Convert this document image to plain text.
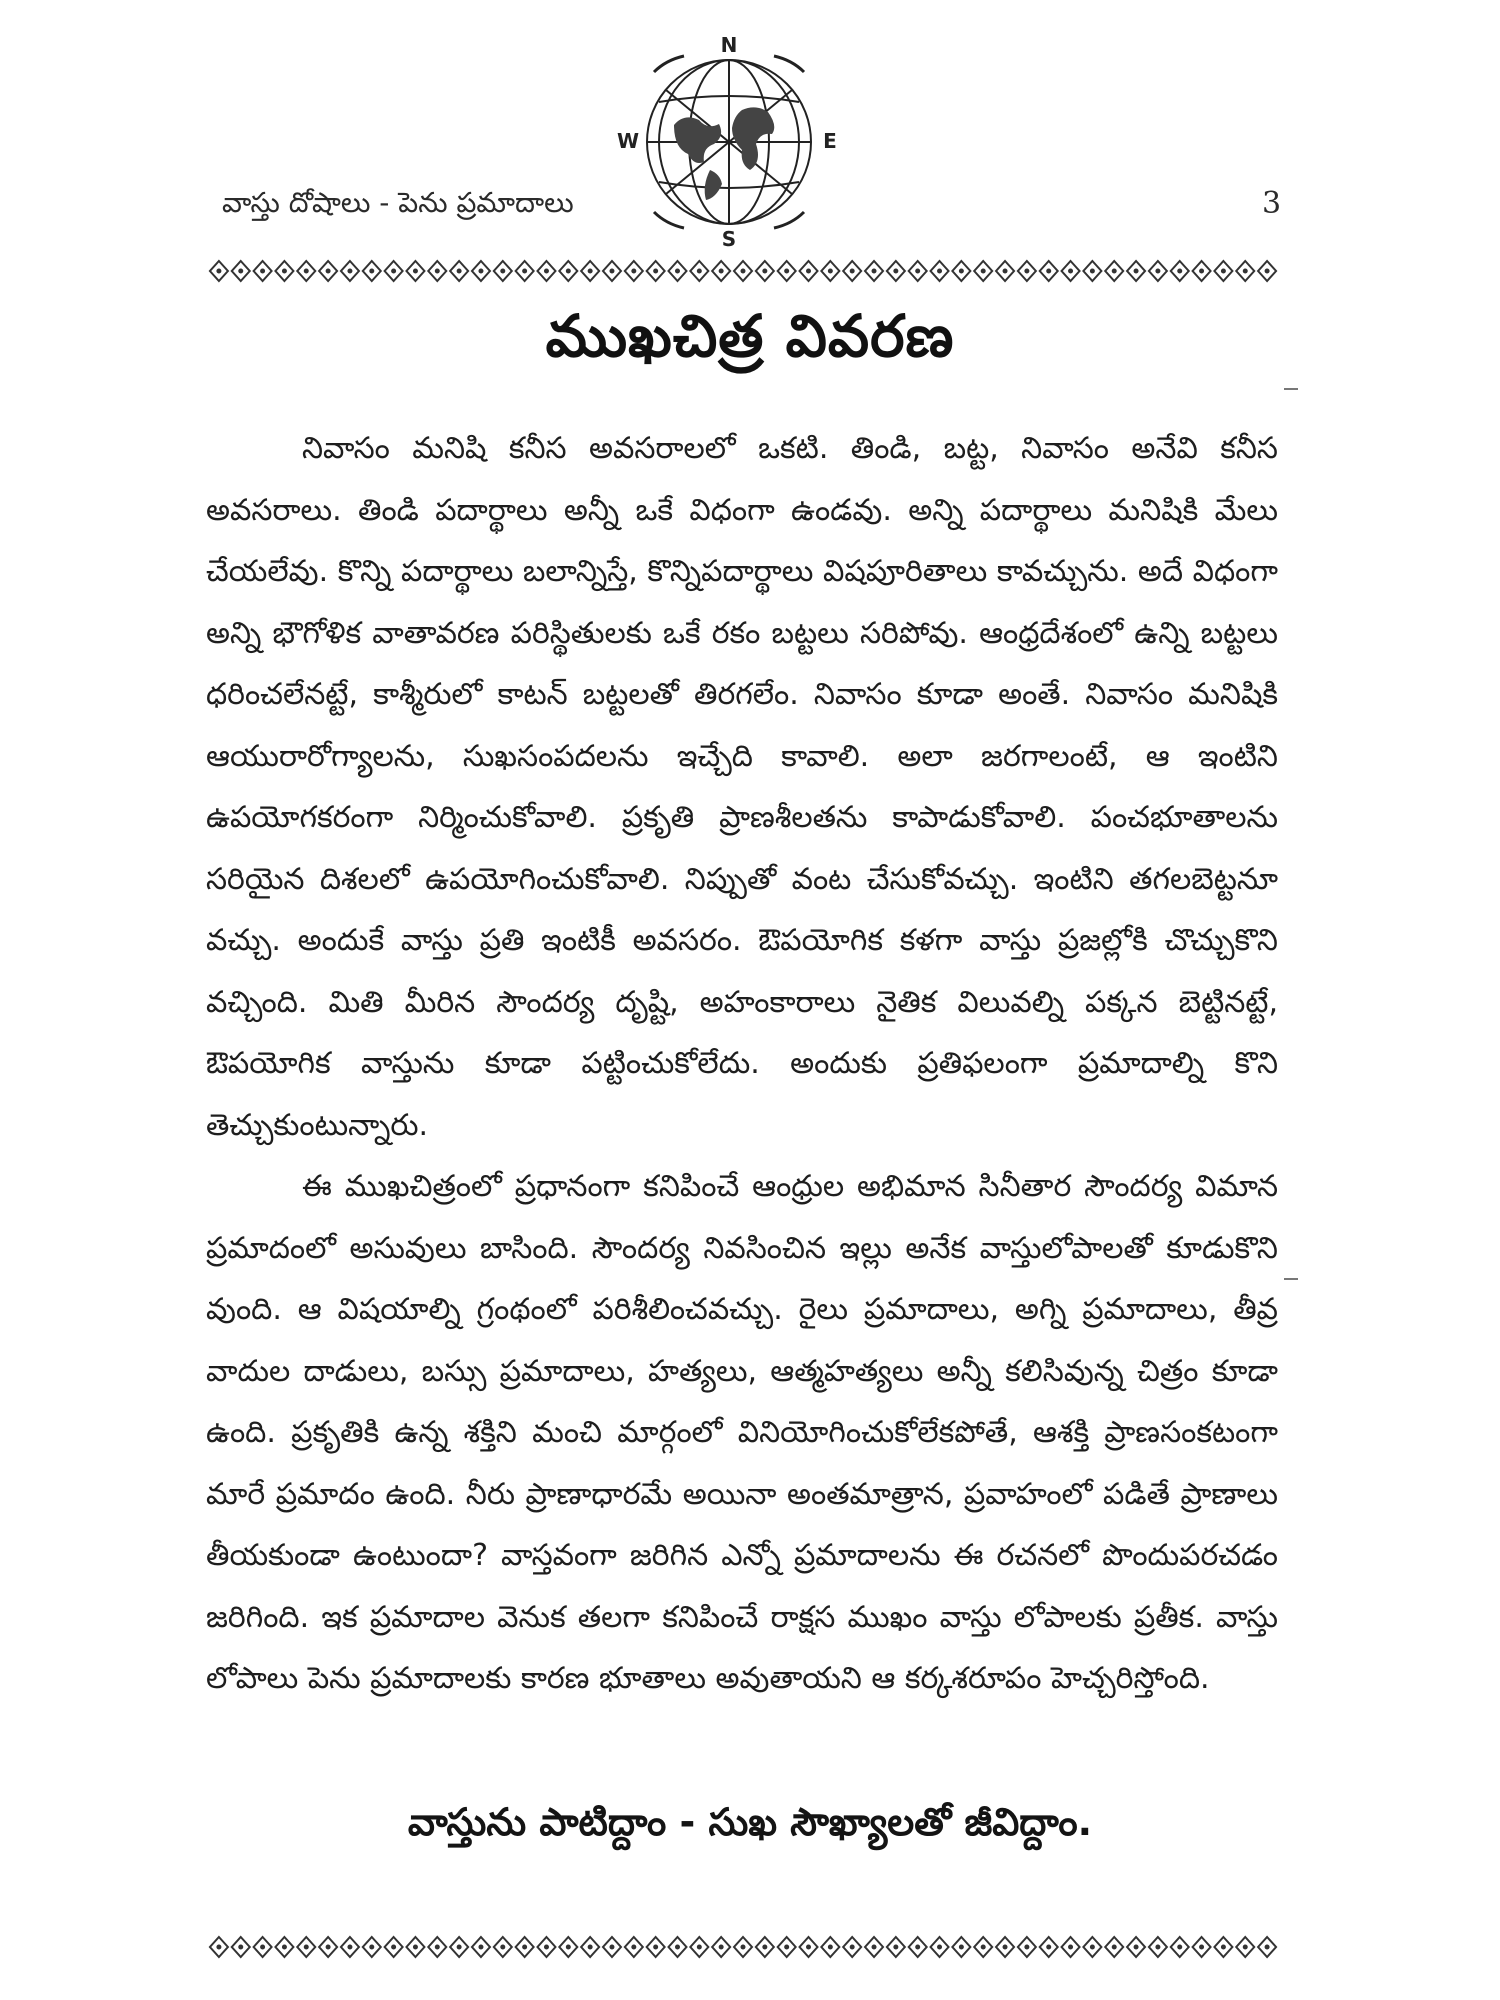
N
S
W	E
వాస్తు దోషాలు - పెను ప్రమాదాలు	3
ముఖచిత్ర వివరణ

నివాసం మనిషి కనీస అవసరాలలో ఒకటి. తిండి, బట్ట, నివాసం అనేవి కనీస అవసరాలు. తిండి పదార్థాలు అన్నీ ఒకే విధంగా ఉండవు. అన్ని పదార్థాలు మనిషికి మేలు చేయలేవు. కొన్ని పదార్థాలు బలాన్నిస్తే, కొన్నిపదార్థాలు విషపూరితాలు కావచ్చును. అదే విధంగా అన్ని భౌగోళిక వాతావరణ పరిస్థితులకు ఒకే రకం బట్టలు సరిపోవు. ఆంధ్రదేశంలో ఉన్ని బట్టలు ధరించలేనట్టే, కాశ్మీరులో కాటన్ బట్టలతో తిరగలేం. నివాసం కూడా అంతే. నివాసం మనిషికి ఆయురారోగ్యాలను, సుఖసంపదలను ఇచ్చేది కావాలి. అలా జరగాలంటే, ఆ ఇంటిని ఉపయోగకరంగా నిర్మించుకోవాలి. ప్రకృతి ప్రాణశీలతను కాపాడుకోవాలి. పంచభూతాలను సరియైన దిశలలో ఉపయోగించుకోవాలి. నిప్పుతో వంట చేసుకోవచ్చు. ఇంటిని తగలబెట్టనూ వచ్చు. అందుకే వాస్తు ప్రతి ఇంటికీ అవసరం. ఔపయోగిక కళగా వాస్తు ప్రజల్లోకి చొచ్చుకొని వచ్చింది. మితి మీరిన సౌందర్య దృష్టి, అహంకారాలు నైతిక విలువల్ని పక్కన బెట్టినట్టే, ఔపయోగిక వాస్తును కూడా పట్టించుకోలేదు. అందుకు ప్రతిఫలంగా ప్రమాదాల్ని కొని తెచ్చుకుంటున్నారు.

ఈ ముఖచిత్రంలో ప్రధానంగా కనిపించే ఆంధ్రుల అభిమాన సినీతార సౌందర్య విమాన ప్రమాదంలో అసువులు బాసింది. సౌందర్య నివసించిన ఇల్లు అనేక వాస్తులోపాలతో కూడుకొని వుంది. ఆ విషయాల్ని గ్రంథంలో పరిశీలించవచ్చు. రైలు ప్రమాదాలు, అగ్ని ప్రమాదాలు, తీవ్ర వాదుల దాడులు, బస్సు ప్రమాదాలు, హత్యలు, ఆత్మహత్యలు అన్నీ కలిసివున్న చిత్రం కూడా ఉంది. ప్రకృతికి ఉన్న శక్తిని మంచి మార్గంలో వినియోగించుకోలేకపోతే, ఆశక్తి ప్రాణసంకటంగా మారే ప్రమాదం ఉంది. నీరు ప్రాణాధారమే అయినా అంతమాత్రాన, ప్రవాహంలో పడితే ప్రాణాలు తీయకుండా ఉంటుందా? వాస్తవంగా జరిగిన ఎన్నో ప్రమాదాలను ఈ రచనలో పొందుపరచడం జరిగింది. ఇక ప్రమాదాల వెనుక తలగా కనిపించే రాక్షస ముఖం వాస్తు లోపాలకు ప్రతీక. వాస్తు లోపాలు పెను ప్రమాదాలకు కారణ భూతాలు అవుతాయని ఆ కర్కశరూపం హెచ్చరిస్తోంది.

వాస్తును పాటిద్దాం - సుఖ సౌఖ్యాలతో జీవిద్దాం.
